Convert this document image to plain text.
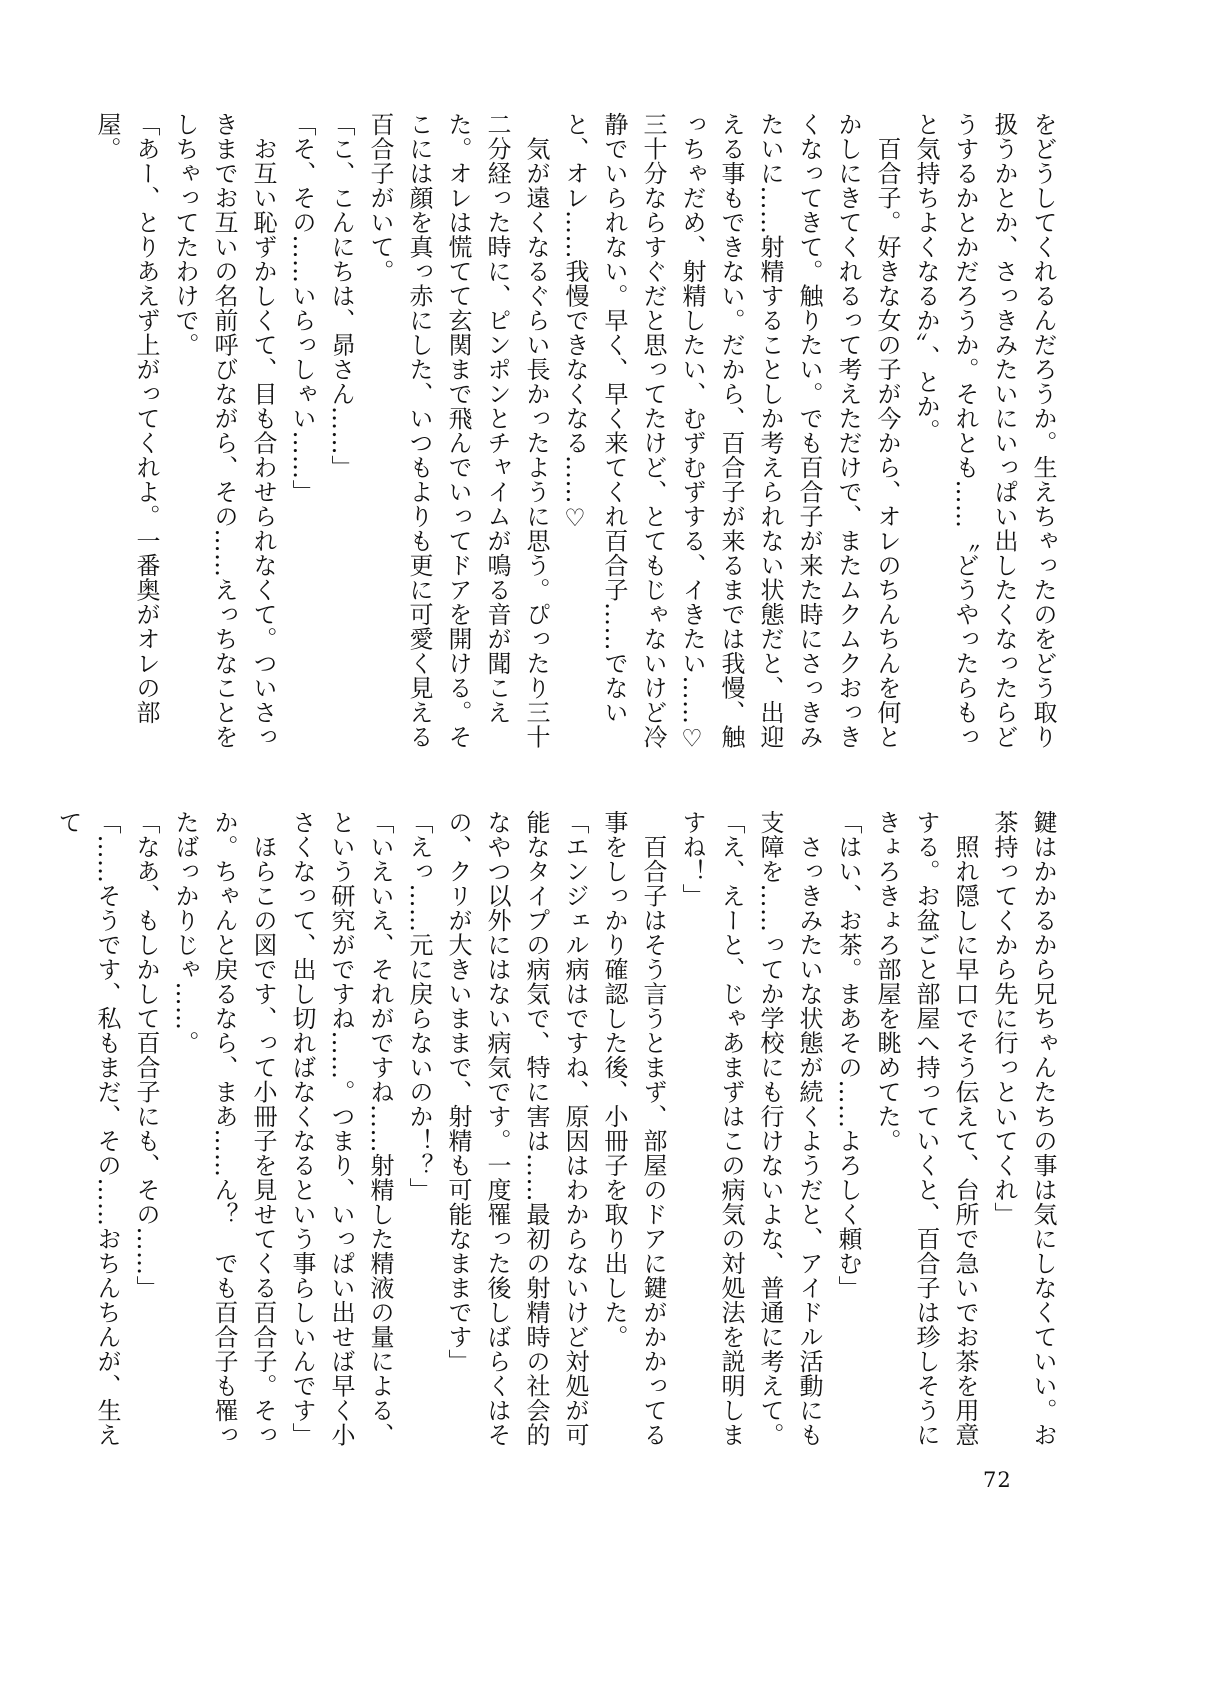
をどうしてくれるんだろうか。生えちゃったのをどう取り扱うかとか、さっきみたいにいっぱい出したくなったらどうするかとかだろうか。それとも……〝どうやったらもっと気持ちよくなるか〟、とか。

　百合子。好きな女の子が今から、オレのちんちんを何とかしにきてくれるって考えただけで、またムクムクおっきくなってきて。触りたい。でも百合子が来た時にさっきみたいに……射精することしか考えられない状態だと、出迎える事もできない。だから、百合子が来るまでは我慢、触っちゃだめ、射精したい、むずむずする、イきたい……♡　三十分ならすぐだと思ってたけど、とてもじゃないけど冷静でいられない。早く、早く来てくれ百合子……でないと、オレ……我慢できなくなる……♡

　気が遠くなるぐらい長かったように思う。ぴったり三十二分経った時に、ピンポンとチャイムが鳴る音が聞こえた。オレは慌てて玄関まで飛んでいってドアを開ける。そこには顔を真っ赤にした、いつもよりも更に可愛く見える百合子がいて。

「こ、こんにちは、昴さん……」

「そ、その……いらっしゃい……」

　お互い恥ずかしくて、目も合わせられなくて。ついさっきまでお互いの名前呼びながら、その……えっちなことをしちゃってたわけで。

「あー、とりあえず上がってくれよ。一番奥がオレの部屋。

鍵はかかるから兄ちゃんたちの事は気にしなくていい。お茶持ってくから先に行っといてくれ」

　照れ隠しに早口でそう伝えて、台所で急いでお茶を用意する。お盆ごと部屋へ持っていくと、百合子は珍しそうにきょろきょろ部屋を眺めてた。

「はい、お茶。まあその……よろしく頼む」

　さっきみたいな状態が続くようだと、アイドル活動にも支障を……ってか学校にも行けないよな、普通に考えて。

「え、えーと、じゃあまずはこの病気の対処法を説明しますね！」

　百合子はそう言うとまず、部屋のドアに鍵がかかってる事をしっかり確認した後、小冊子を取り出した。

「エンジェル病はですね、原因はわからないけど対処が可能なタイプの病気で、特に害は……最初の射精時の社会的なやつ以外にはない病気です。一度罹った後しばらくはその、クリが大きいままで、射精も可能なままです」

「えっ……元に戻らないのか！？」

「いえいえ、それがですね……射精した精液の量による、という研究がですね……。つまり、いっぱい出せば早く小さくなって、出し切ればなくなるという事らしいんです」

　ほらこの図です、って小冊子を見せてくる百合子。そっか。ちゃんと戻るなら、まあ……ん？　でも百合子も罹ったばっかりじゃ……。

「なあ、もしかして百合子にも、その……」

「……そうです、私もまだ、その……おちんちんが、生えて

72
